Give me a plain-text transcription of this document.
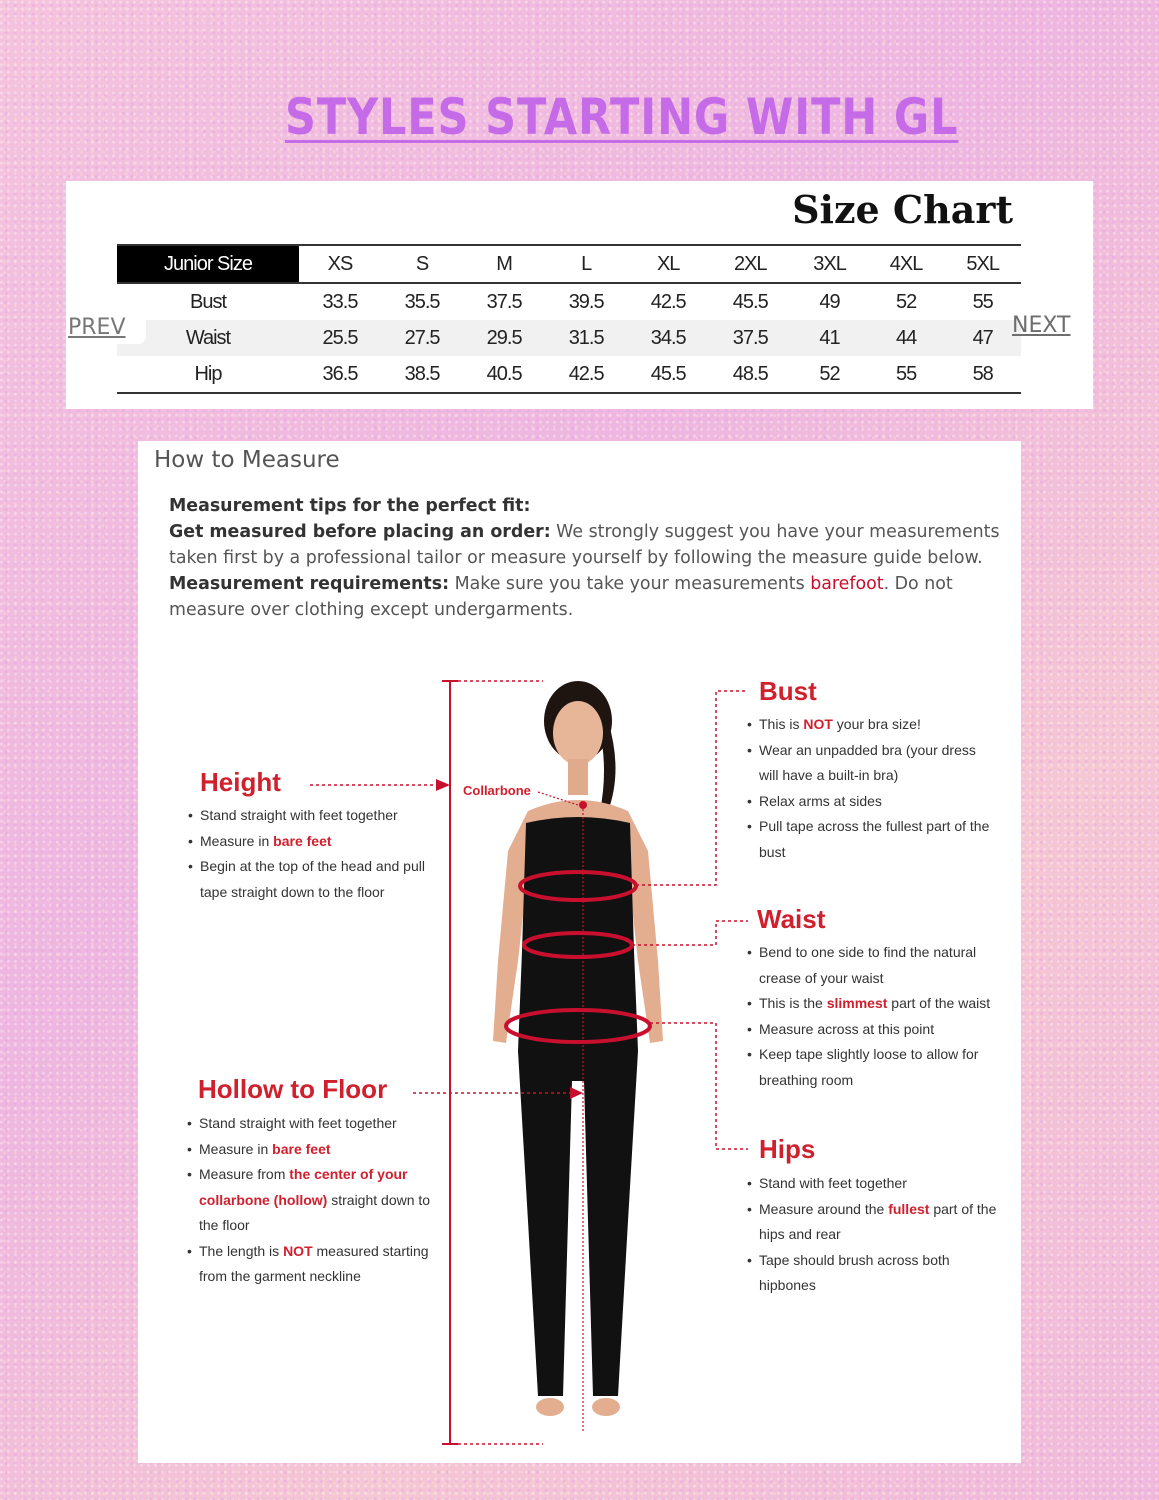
STYLES STARTING WITH GL
Size Chart
Junior Size	XS	S	M	L	XL	2XL	3XL	4XL	5XL
Bust	33.5	35.5	37.5	39.5	42.5	45.5	49	52	55
Waist	25.5	27.5	29.5	31.5	34.5	37.5	41	44	47
Hip	36.5	38.5	40.5	42.5	45.5	48.5	52	55	58
PREV	NEXT
How to Measure
Measurement tips for the perfect fit:
Get measured before placing an order: We strongly suggest you have your measurements taken first by a professional tailor or measure yourself by following the measure guide below.
Measurement requirements: Make sure you take your measurements barefoot. Do not measure over clothing except undergarments.
Collarbone
Height
• Stand straight with feet together
• Measure in bare feet
• Begin at the top of the head and pull tape straight down to the floor
Hollow to Floor
• Stand straight with feet together
• Measure in bare feet
• Measure from the center of your collarbone (hollow) straight down to the floor
• The length is NOT measured starting from the garment neckline
Bust
• This is NOT your bra size!
• Wear an unpadded bra (your dress will have a built-in bra)
• Relax arms at sides
• Pull tape across the fullest part of the bust
Waist
• Bend to one side to find the natural crease of your waist
• This is the slimmest part of the waist
• Measure across at this point
• Keep tape slightly loose to allow for breathing room
Hips
• Stand with feet together
• Measure around the fullest part of the hips and rear
• Tape should brush across both hipbones
